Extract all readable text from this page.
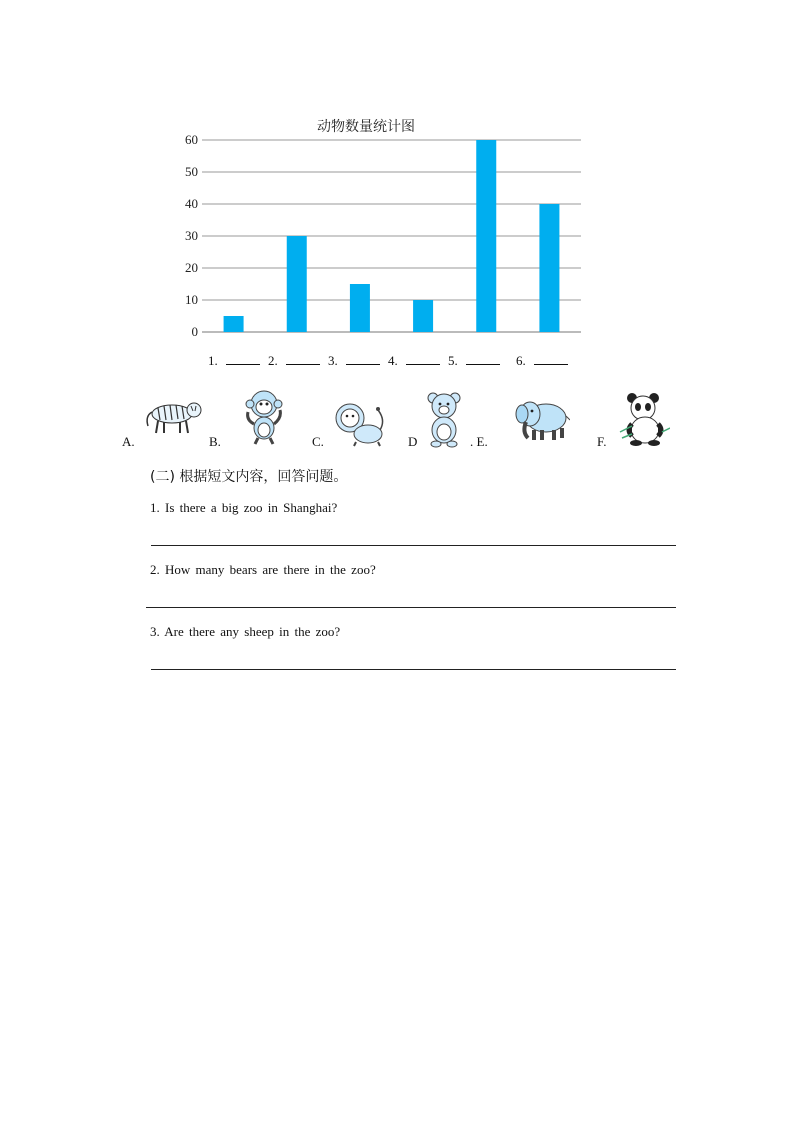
动物数量统计图
0
10
20
30
40
50
60
1.	2.	3.	4.	5.	6.
A.	B.	C.	D	. E.	F.
(二) 根据短文内容，回答问题。
1. Is there a big zoo in Shanghai?
2. How many bears are there in the zoo?
3. Are there any sheep in the zoo?
